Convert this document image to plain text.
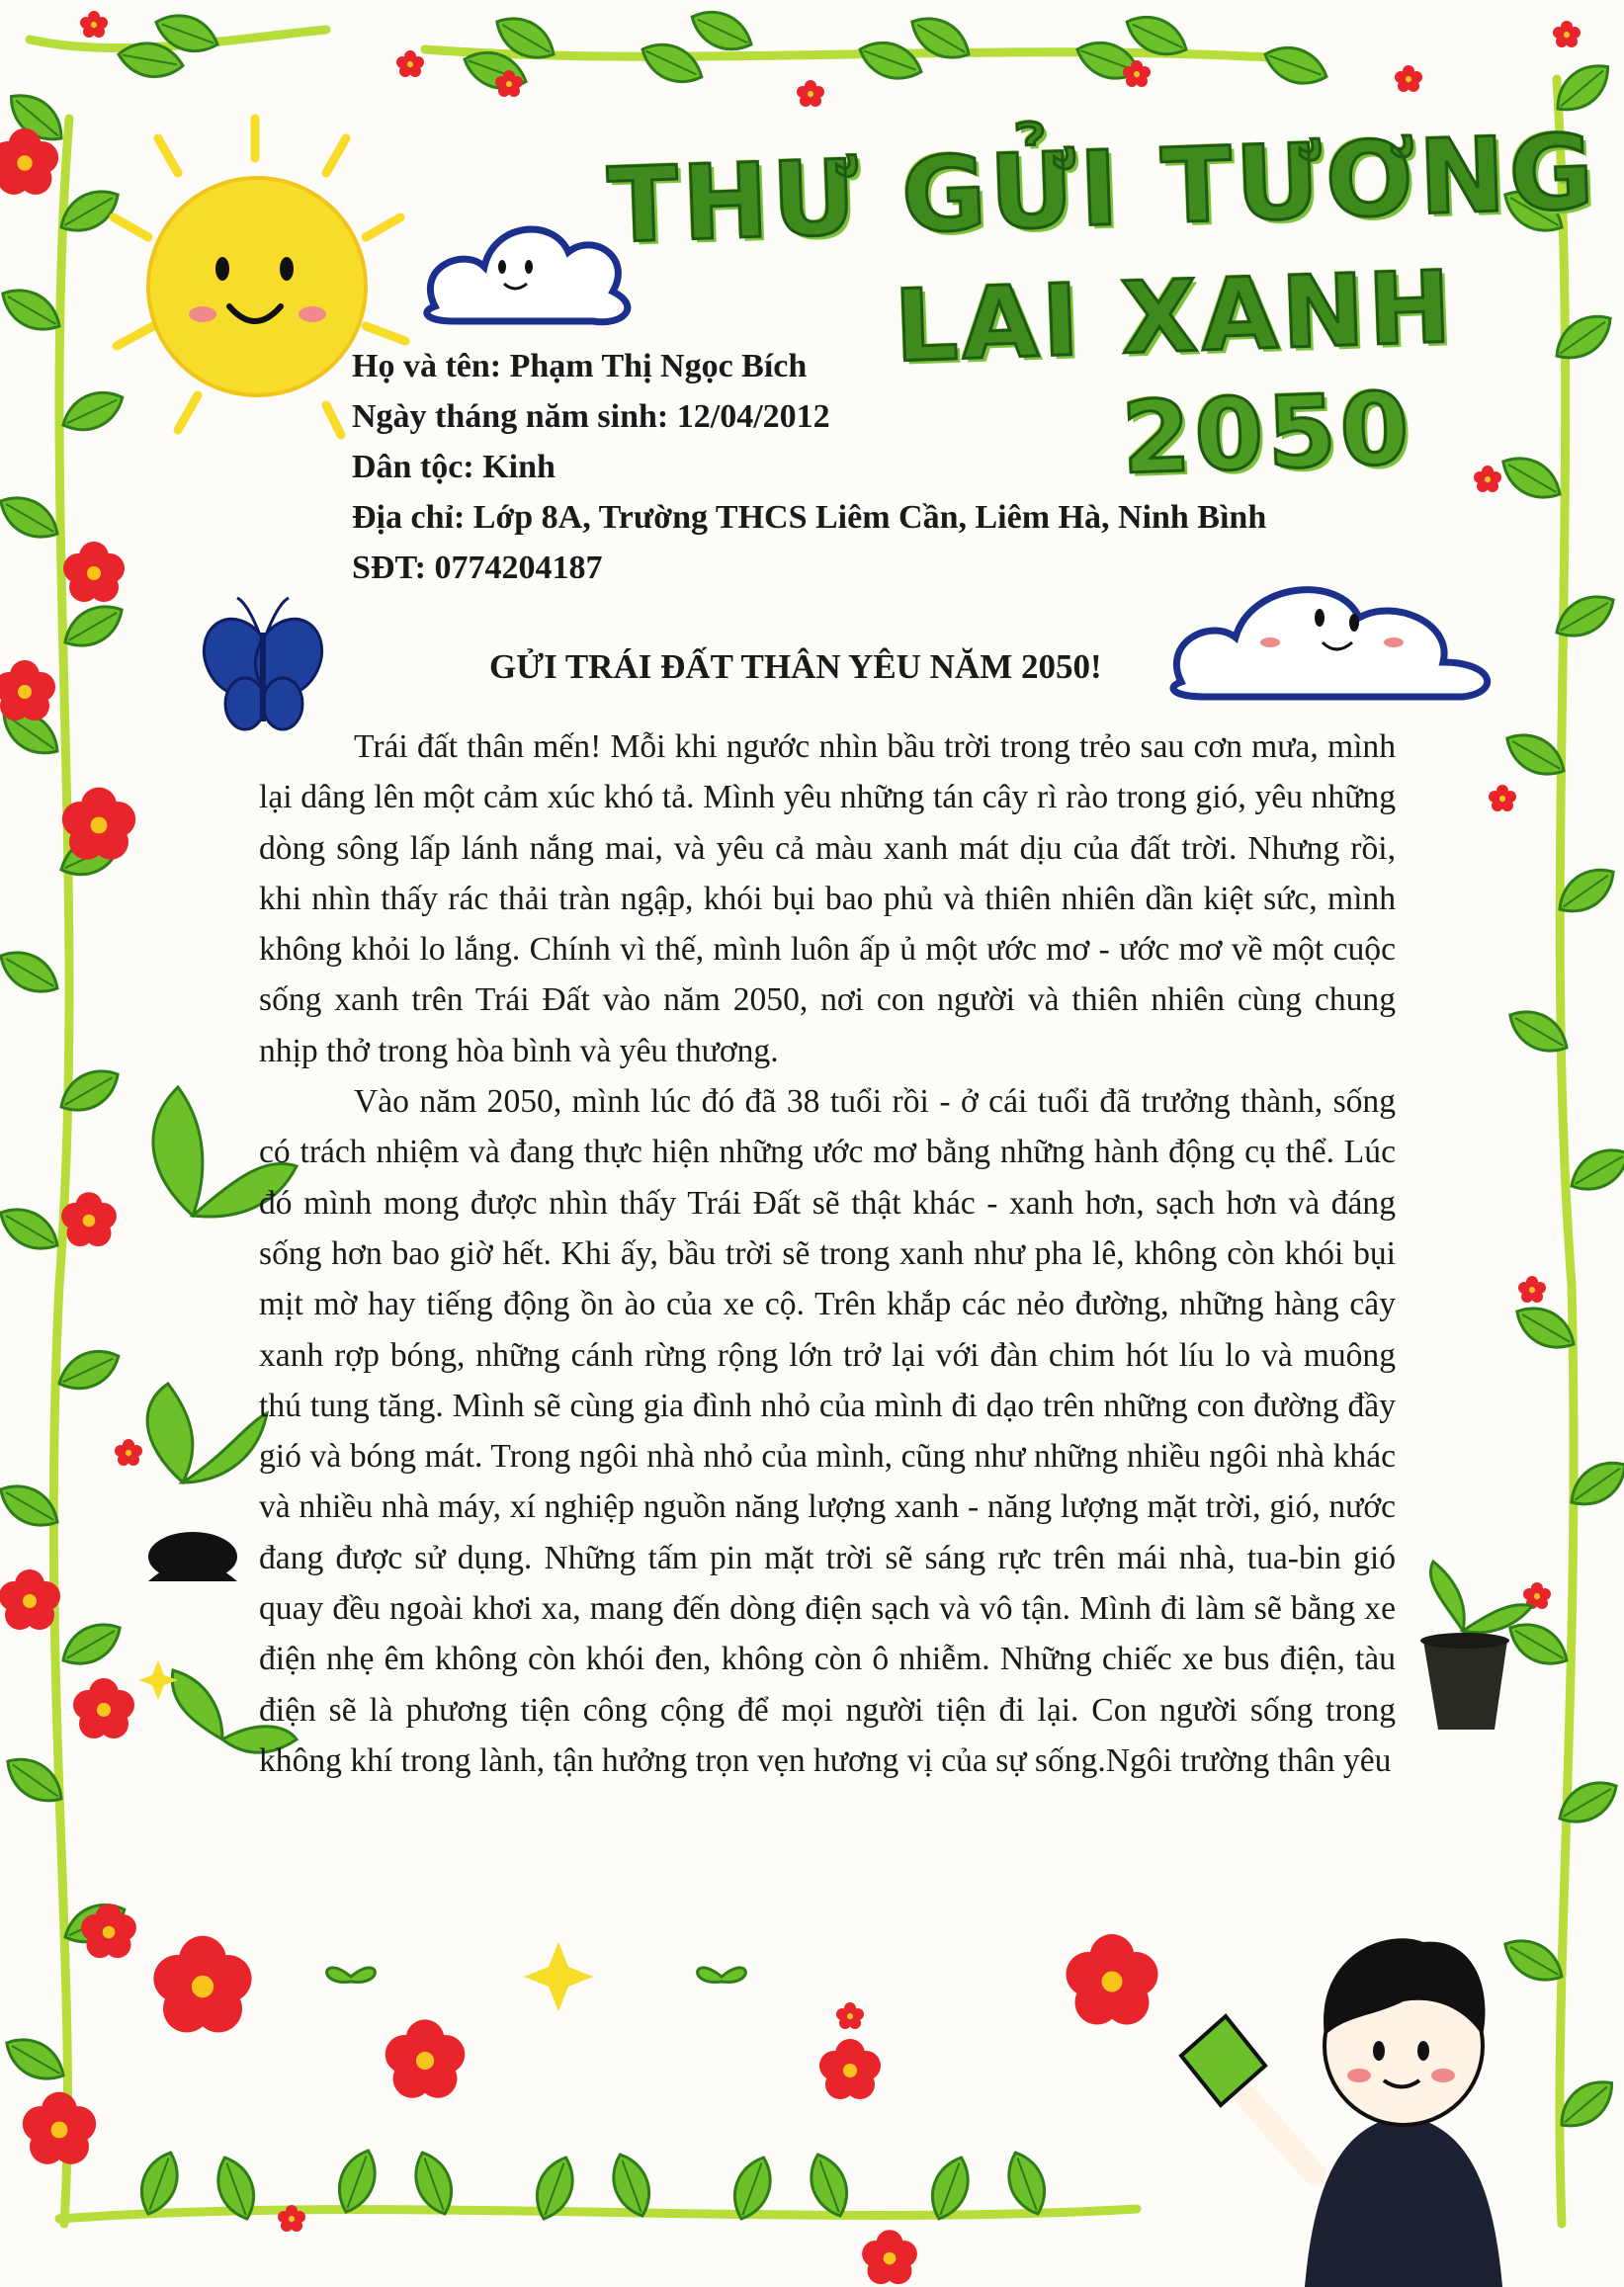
THƯ GỬI TƯƠNG
LAI XANH
2050
Họ và tên: Phạm Thị Ngọc Bích
Ngày tháng năm sinh: 12/04/2012
Dân tộc: Kinh
Địa chỉ: Lớp 8A, Trường THCS Liêm Cần, Liêm Hà, Ninh Bình
SĐT: 0774204187
GỬI TRÁI ĐẤT THÂN YÊU NĂM 2050!

Trái đất thân mến! Mỗi khi ngước nhìn bầu trời trong trẻo sau cơn mưa, mình lại dâng lên một cảm xúc khó tả. Mình yêu những tán cây rì rào trong gió, yêu những dòng sông lấp lánh nắng mai, và yêu cả màu xanh mát dịu của đất trời. Nhưng rồi, khi nhìn thấy rác thải tràn ngập, khói bụi bao phủ và thiên nhiên dần kiệt sức, mình không khỏi lo lắng. Chính vì thế, mình luôn ấp ủ một ước mơ - ước mơ về một cuộc sống xanh trên Trái Đất vào năm 2050, nơi con người và thiên nhiên cùng chung nhịp thở trong hòa bình và yêu thương.

Vào năm 2050, mình lúc đó đã 38 tuổi rồi - ở cái tuổi đã trưởng thành, sống có trách nhiệm và đang thực hiện những ước mơ bằng những hành động cụ thể. Lúc đó mình mong được nhìn thấy Trái Đất sẽ thật khác - xanh hơn, sạch hơn và đáng sống hơn bao giờ hết. Khi ấy, bầu trời sẽ trong xanh như pha lê, không còn khói bụi mịt mờ hay tiếng động ồn ào của xe cộ. Trên khắp các nẻo đường, những hàng cây xanh rợp bóng, những cánh rừng rộng lớn trở lại với đàn chim hót líu lo và muông thú tung tăng. Mình sẽ cùng gia đình nhỏ của mình đi dạo trên những con đường đầy gió và bóng mát. Trong ngôi nhà nhỏ của mình, cũng như những nhiều ngôi nhà khác và nhiều nhà máy, xí nghiệp nguồn năng lượng xanh - năng lượng mặt trời, gió, nước đang được sử dụng. Những tấm pin mặt trời sẽ sáng rực trên mái nhà, tua-bin gió quay đều ngoài khơi xa, mang đến dòng điện sạch và vô tận. Mình đi làm sẽ bằng xe điện nhẹ êm không còn khói đen, không còn ô nhiễm. Những chiếc xe bus điện, tàu điện sẽ là phương tiện công cộng để mọi người tiện đi lại. Con người sống trong không khí trong lành, tận hưởng trọn vẹn hương vị của sự sống.Ngôi trường thân yêu
